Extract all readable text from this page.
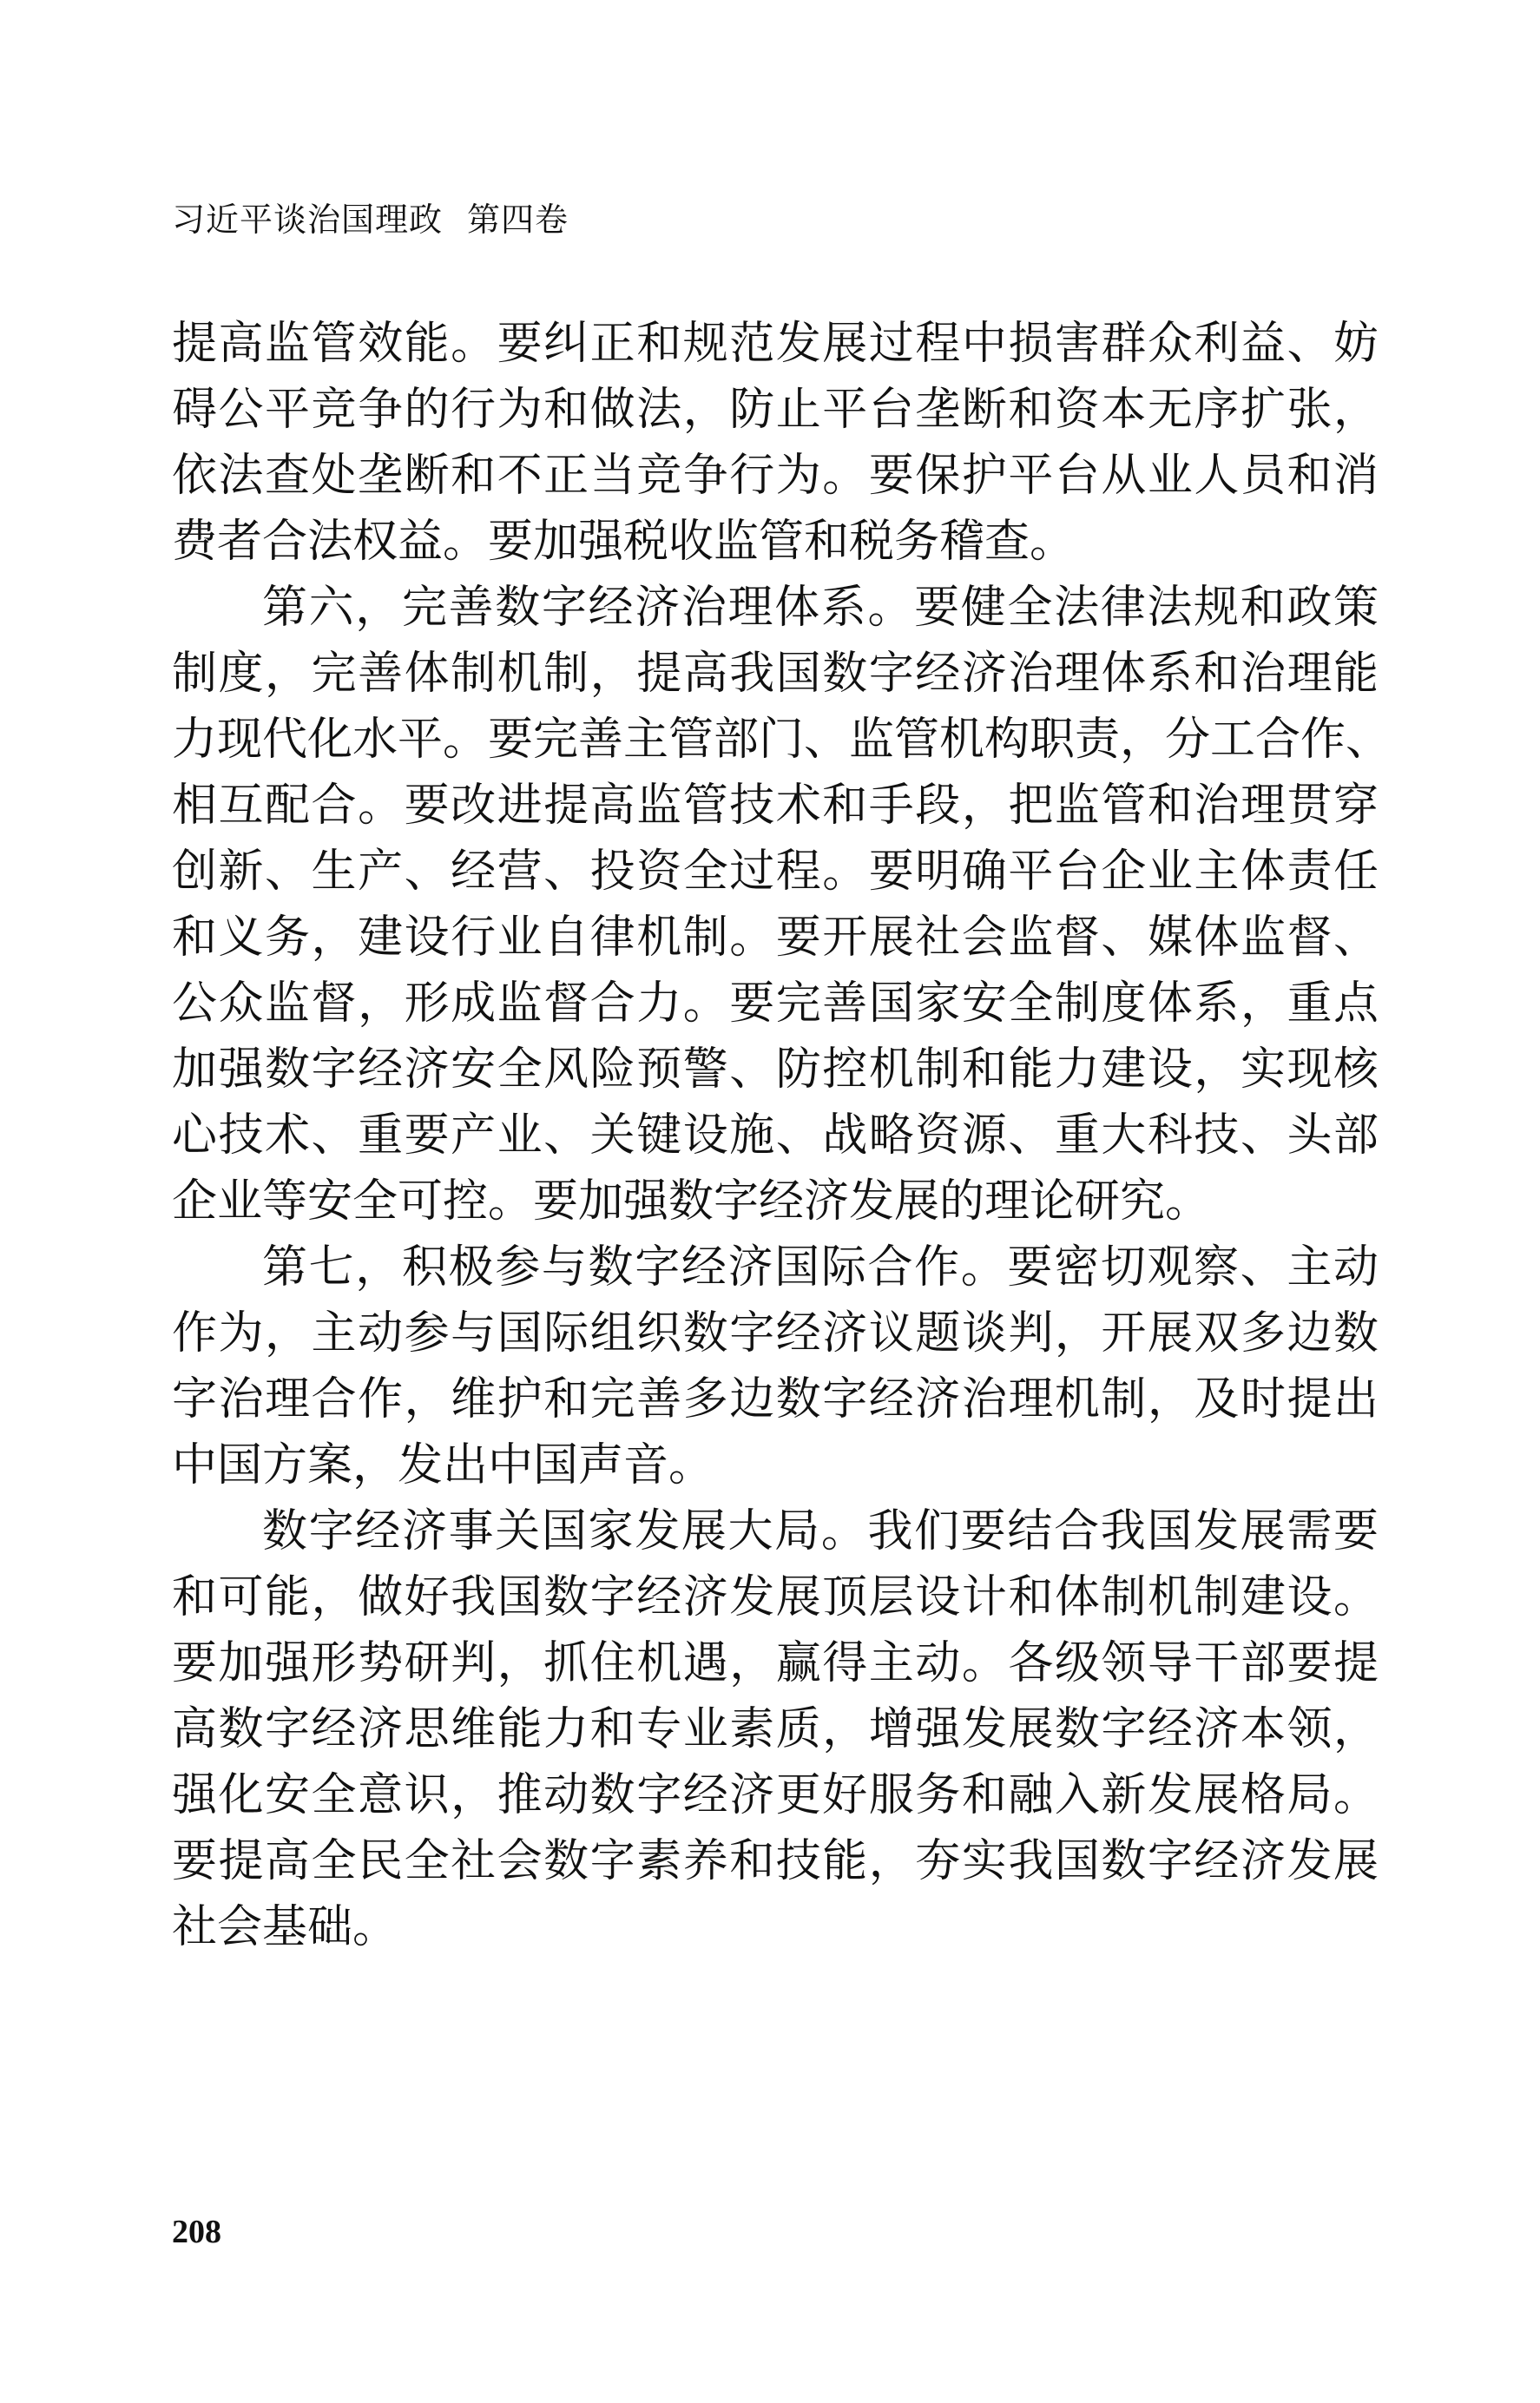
习近平谈治国理政 第四卷
提高监管效能。要纠正和规范发展过程中损害群众利益、妨
碍公平竞争的行为和做法，防止平台垄断和资本无序扩张，
依法查处垄断和不正当竞争行为。要保护平台从业人员和消
费者合法权益。要加强税收监管和税务稽查。
第六，完善数字经济治理体系。要健全法律法规和政策
制度，完善体制机制，提高我国数字经济治理体系和治理能
力现代化水平。要完善主管部门、监管机构职责，分工合作、
相互配合。要改进提高监管技术和手段，把监管和治理贯穿
创新、生产、经营、投资全过程。要明确平台企业主体责任
和义务，建设行业自律机制。要开展社会监督、媒体监督、
公众监督，形成监督合力。要完善国家安全制度体系，重点
加强数字经济安全风险预警、防控机制和能力建设，实现核
心技术、重要产业、关键设施、战略资源、重大科技、头部
企业等安全可控。要加强数字经济发展的理论研究。
第七，积极参与数字经济国际合作。要密切观察、主动
作为，主动参与国际组织数字经济议题谈判，开展双多边数
字治理合作，维护和完善多边数字经济治理机制，及时提出
中国方案，发出中国声音。
数字经济事关国家发展大局。我们要结合我国发展需要
和可能，做好我国数字经济发展顶层设计和体制机制建设。
要加强形势研判，抓住机遇，赢得主动。各级领导干部要提
高数字经济思维能力和专业素质，增强发展数字经济本领，
强化安全意识，推动数字经济更好服务和融入新发展格局。
要提高全民全社会数字素养和技能，夯实我国数字经济发展
社会基础。
208
